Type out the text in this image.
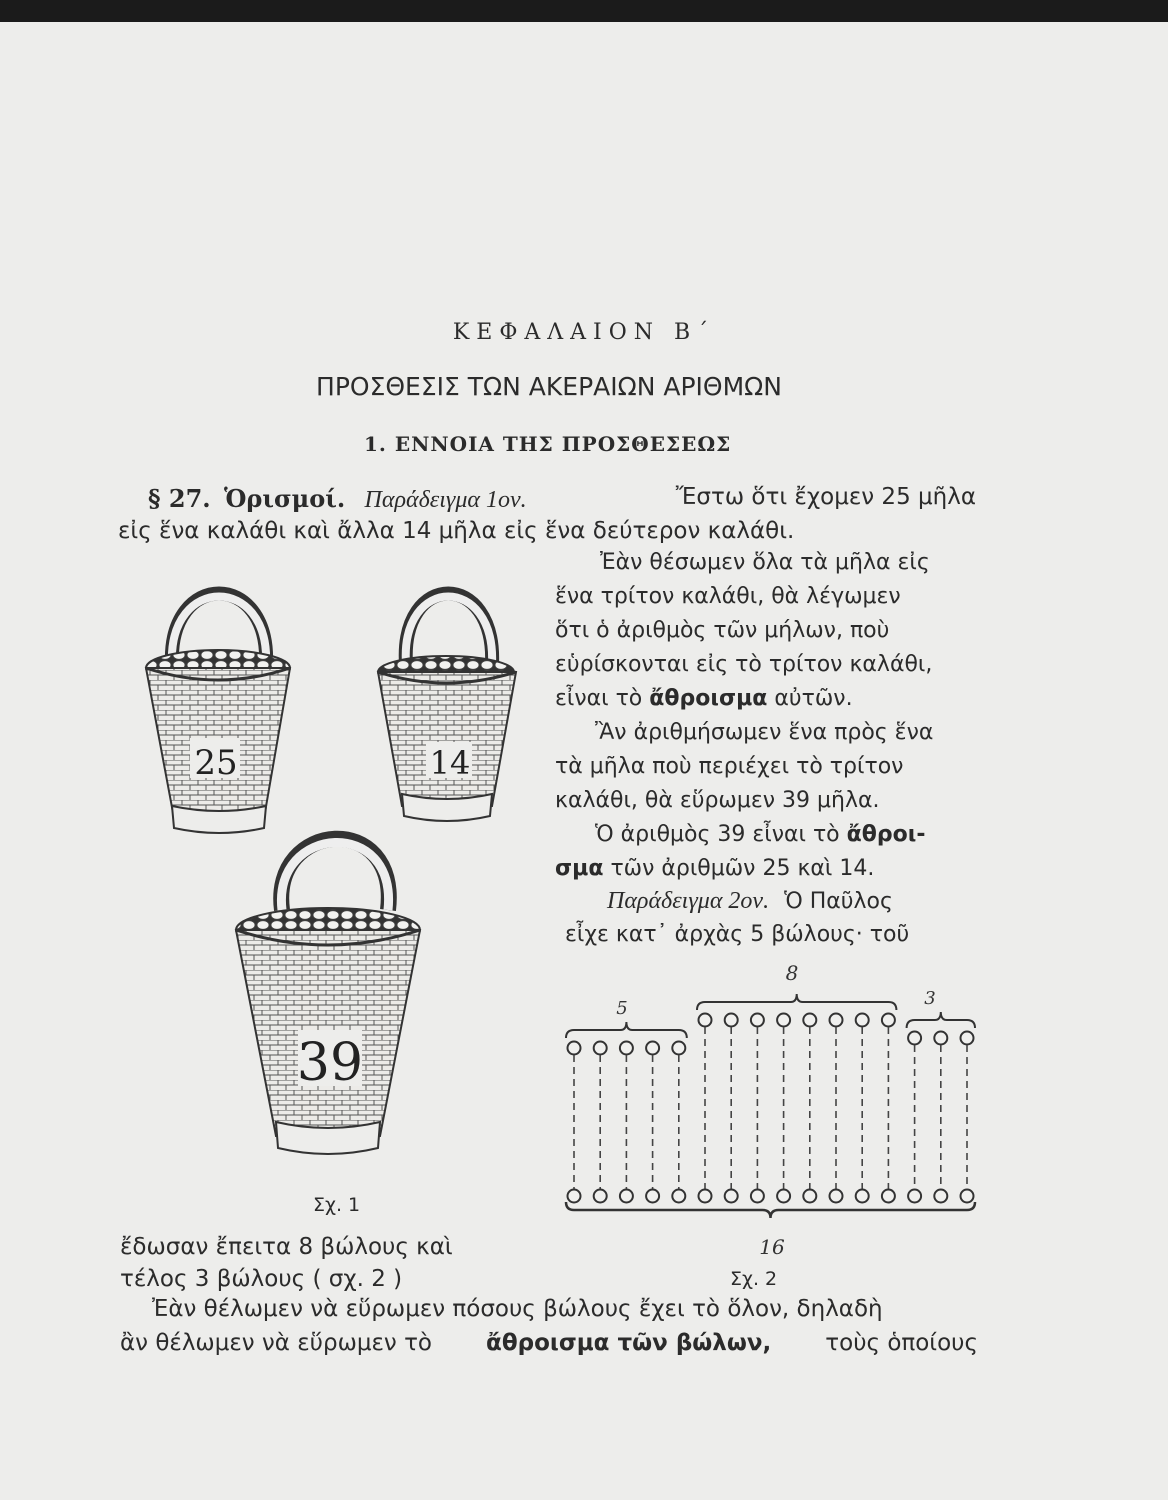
ΚΕΦΑΛΑΙΟΝ Β΄
ΠΡΟΣΘΕΣΙΣ ΤΩΝ ΑΚΕΡΑΙΩΝ ΑΡΙΘΜΩΝ
1. ΕΝΝΟΙΑ ΤΗΣ ΠΡΟΣΘΕΣΕΩΣ
§ 27. Ὁρισμοί. Παράδειγμα 1ον.	Ἔστω ὅτι ἔχομεν 25 μῆλα
εἰς ἕνα καλάθι καὶ ἄλλα 14 μῆλα εἰς ἕνα δεύτερον καλάθι.
Ἐὰν θέσωμεν ὅλα τὰ μῆλα εἰς
ἕνα τρίτον καλάθι, θὰ λέγωμεν
ὅτι ὁ ἀριθμὸς τῶν μήλων, ποὺ
εὑρίσκονται εἰς τὸ τρίτον καλάθι,
εἶναι τὸ ἄθροισμα αὐτῶν.
Ἂν ἀριθμήσωμεν ἕνα πρὸς ἕνα
τὰ μῆλα ποὺ περιέχει τὸ τρίτον
καλάθι, θὰ εὕρωμεν 39 μῆλα.
Ὁ ἀριθμὸς 39 εἶναι τὸ ἄθροι-
σμα τῶν ἀριθμῶν 25 καὶ 14.
Παράδειγμα 2ον. Ὁ Παῦλος
εἶχε κατ᾽ ἀρχὰς 5 βώλους· τοῦ
25	14
39
Σχ. 1
5
8
3
16
Σχ. 2
ἔδωσαν ἔπειτα 8 βώλους καὶ
τέλος 3 βώλους ( σχ. 2 )
Ἐὰν θέλωμεν νὰ εὕρωμεν πόσους βώλους ἔχει τὸ ὅλον, δηλαδὴ
ἂν θέλωμεν νὰ εὕρωμεν τὸ ἄθροισμα τῶν βώλων, τοὺς ὁποίους
